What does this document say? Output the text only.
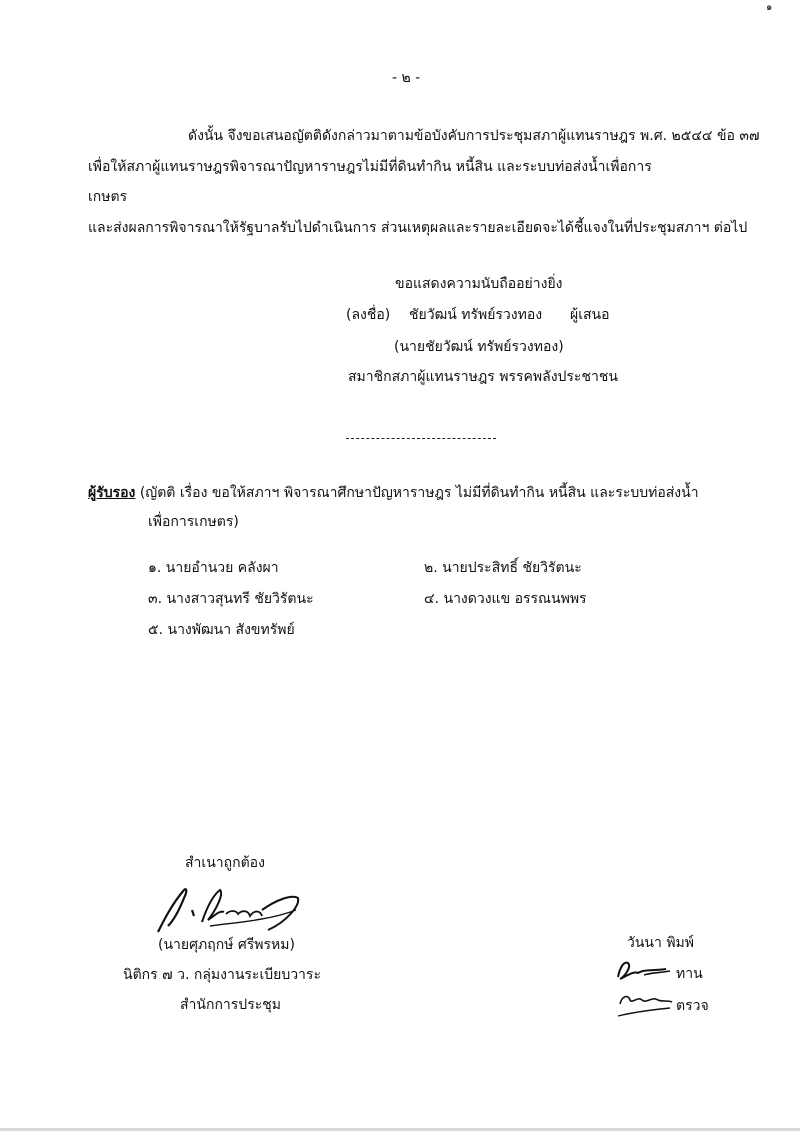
๑
- ๒ -
ดังนั้น จึงขอเสนอญัตติดังกล่าวมาตามข้อบังคับการประชุมสภาผู้แทนราษฎร พ.ศ. ๒๕๔๔ ข้อ ๓๗
เพื่อให้สภาผู้แทนราษฎรพิจารณาปัญหาราษฎรไม่มีที่ดินทำกิน หนี้สิน และระบบท่อส่งน้ำเพื่อการ
เกษตร
และส่งผลการพิจารณาให้รัฐบาลรับไปดำเนินการ ส่วนเหตุผลและรายละเอียดจะได้ชี้แจงในที่ประชุมสภาฯ ต่อไป
ขอแสดงความนับถืออย่างยิ่ง
(ลงชื่อ) ชัยวัฒน์ ทรัพย์รวงทอง ผู้เสนอ
(นายชัยวัฒน์ ทรัพย์รวงทอง)
สมาชิกสภาผู้แทนราษฎร พรรคพลังประชาชน
ผู้รับรอง (ญัตติ เรื่อง ขอให้สภาฯ พิจารณาศึกษาปัญหาราษฎร ไม่มีที่ดินทำกิน หนี้สิน และระบบท่อส่งน้ำ
เพื่อการเกษตร)
๑. นายอำนวย คลังผา	๒. นายประสิทธิ์ ชัยวิรัตนะ
๓. นางสาวสุนทรี ชัยวิรัตนะ	๔. นางดวงแข อรรณนพพร
๕. นางพัฒนา สังขทรัพย์
สำเนาถูกต้อง
(นายศุภฤกษ์ ศรีพรหม)
นิติกร ๗ ว. กลุ่มงานระเบียบวาระ
สำนักการประชุม
วันนา พิมพ์
ทาน
ตรวจ
